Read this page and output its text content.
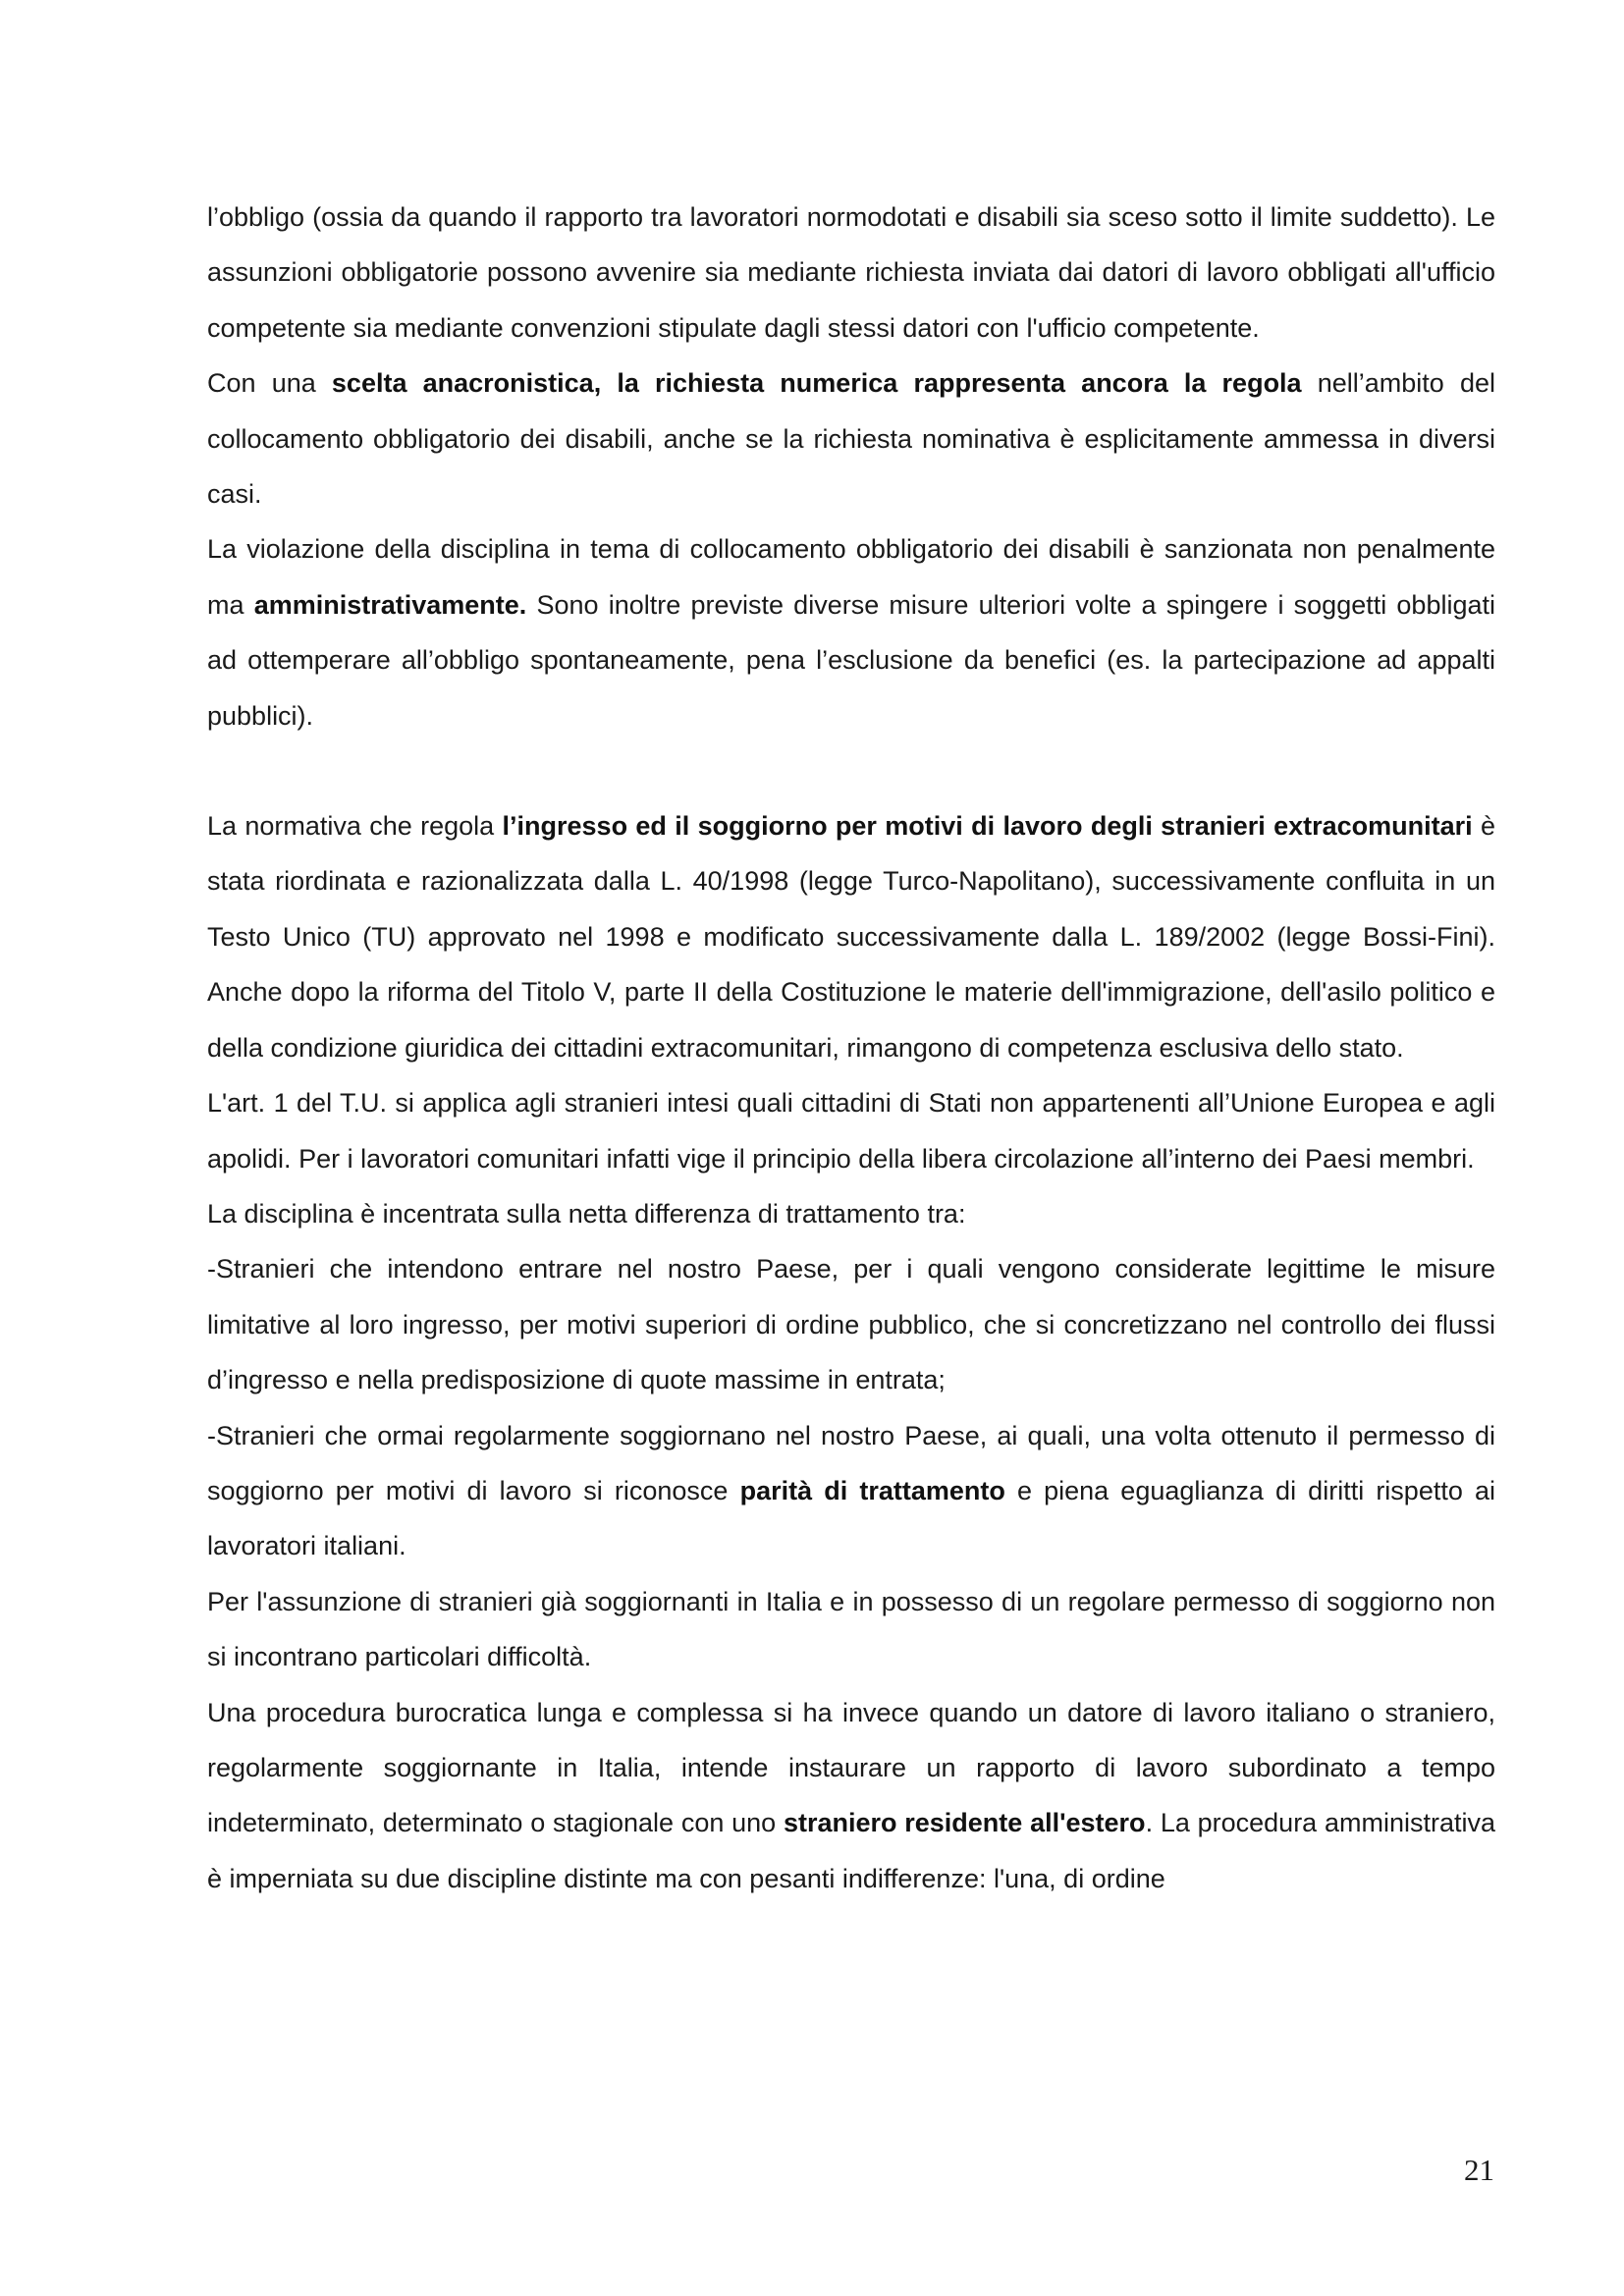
l’obbligo (ossia da quando il rapporto tra lavoratori normodotati e disabili sia sceso sotto il limite suddetto). Le assunzioni obbligatorie possono avvenire sia mediante richiesta inviata dai datori di lavoro obbligati all'ufficio competente sia mediante convenzioni stipulate dagli stessi datori con l'ufficio competente.

Con una scelta anacronistica, la richiesta numerica rappresenta ancora la regola nell’ambito del collocamento obbligatorio dei disabili, anche se la richiesta nominativa è esplicitamente ammessa in diversi casi.

La violazione della disciplina in tema di collocamento obbligatorio dei disabili è sanzionata non penalmente ma amministrativamente. Sono inoltre previste diverse misure ulteriori volte a spingere i soggetti obbligati ad ottemperare all’obbligo spontaneamente, pena l’esclusione da benefici (es. la partecipazione ad appalti pubblici).

La normativa che regola l’ingresso ed il soggiorno per motivi di lavoro degli stranieri extracomunitari è stata riordinata e razionalizzata dalla L. 40/1998 (legge Turco-Napolitano), successivamente confluita in un Testo Unico (TU) approvato nel 1998 e modificato successivamente dalla L. 189/2002 (legge Bossi-Fini). Anche dopo la riforma del Titolo V, parte II della Costituzione le materie dell'immigrazione, dell'asilo politico e della condizione giuridica dei cittadini extracomunitari, rimangono di competenza esclusiva dello stato.

L'art. 1 del T.U. si applica agli stranieri intesi quali cittadini di Stati non appartenenti all’Unione Europea e agli apolidi. Per i lavoratori comunitari infatti vige il principio della libera circolazione all’interno dei Paesi membri.

La disciplina è incentrata sulla netta differenza di trattamento tra:

-Stranieri che intendono entrare nel nostro Paese, per i quali vengono considerate legittime le misure limitative al loro ingresso, per motivi superiori di ordine pubblico, che si concretizzano nel controllo dei flussi d’ingresso e nella predisposizione di quote massime in entrata;

-Stranieri che ormai regolarmente soggiornano nel nostro Paese, ai quali, una volta ottenuto il permesso di soggiorno per motivi di lavoro si riconosce parità di trattamento e piena eguaglianza di diritti rispetto ai lavoratori italiani.

Per l'assunzione di stranieri già soggiornanti in Italia e in possesso di un regolare permesso di soggiorno non si incontrano particolari difficoltà.

Una procedura burocratica lunga e complessa si ha invece quando un datore di lavoro italiano o straniero, regolarmente soggiornante in Italia, intende instaurare un rapporto di lavoro subordinato a tempo indeterminato, determinato o stagionale con uno straniero residente all'estero. La procedura amministrativa è imperniata su due discipline distinte ma con pesanti indifferenze: l'una, di ordine

21
